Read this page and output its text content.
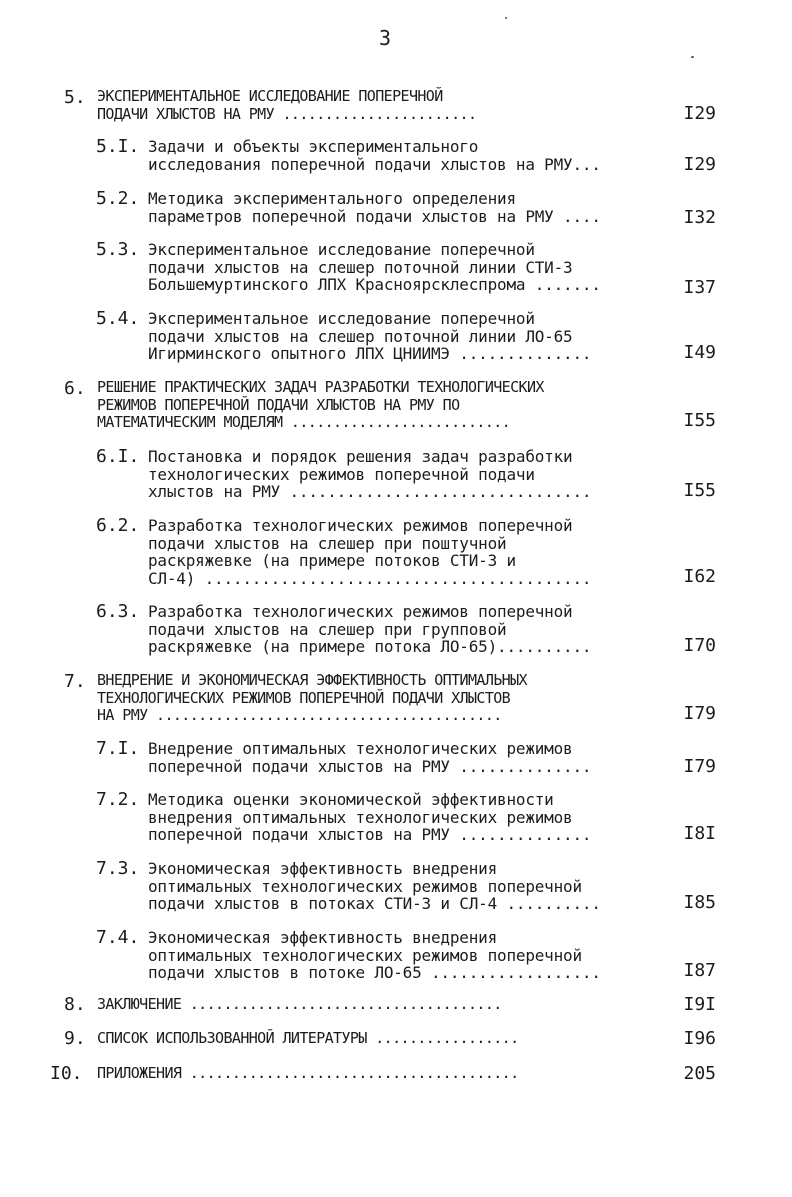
3
5. ЭКСПЕРИМЕНТАЛЬНОЕ ИССЛЕДОВАНИЕ ПОПЕРЕЧНОЙ
ПОДАЧИ ХЛЫСТОВ НА РМУ .......................	I29
5.I. Задачи и объекты экспериментального
исследования поперечной подачи хлыстов на РМУ...	I29
5.2. Методика экспериментального определения
параметров поперечной подачи хлыстов на РМУ ....	I32
5.3. Экспериментальное исследование поперечной
подачи хлыстов на слешер поточной линии СТИ-3
Большемуртинского ЛПХ Красноярсклеспрома .......	I37
5.4. Экспериментальное исследование поперечной
подачи хлыстов на слешер поточной линии ЛО-65
Игирминского опытного ЛПХ ЦНИИМЭ ..............	I49
6. РЕШЕНИЕ ПРАКТИЧЕСКИХ ЗАДАЧ РАЗРАБОТКИ ТЕХНОЛОГИЧЕСКИХ
РЕЖИМОВ ПОПЕРЕЧНОЙ ПОДАЧИ ХЛЫСТОВ НА РМУ ПО
МАТЕМАТИЧЕСКИМ МОДЕЛЯМ ..........................	I55
6.I. Постановка и порядок решения задач разработки
технологических режимов поперечной подачи
хлыстов на РМУ ................................	I55
6.2. Разработка технологических режимов поперечной
подачи хлыстов на слешер при поштучной
раскряжевке (на примере потоков СТИ-3 и
СЛ-4) .........................................	I62
6.3. Разработка технологических режимов поперечной
подачи хлыстов на слешер при групповой
раскряжевке (на примере потока ЛО-65)..........	I70
7. ВНЕДРЕНИЕ И ЭКОНОМИЧЕСКАЯ ЭФФЕКТИВНОСТЬ ОПТИМАЛЬНЫХ
ТЕХНОЛОГИЧЕСКИХ РЕЖИМОВ ПОПЕРЕЧНОЙ ПОДАЧИ ХЛЫСТОВ
НА РМУ .........................................	I79
7.I. Внедрение оптимальных технологических режимов
поперечной подачи хлыстов на РМУ ..............	I79
7.2. Методика оценки экономической эффективности
внедрения оптимальных технологических режимов
поперечной подачи хлыстов на РМУ ..............	I8I
7.3. Экономическая эффективность внедрения
оптимальных технологических режимов поперечной
подачи хлыстов в потоках СТИ-3 и СЛ-4 ..........	I85
7.4. Экономическая эффективность внедрения
оптимальных технологических режимов поперечной
подачи хлыстов в потоке ЛО-65 ..................	I87
8. ЗАКЛЮЧЕНИЕ .....................................	I9I
9. СПИСОК ИСПОЛЬЗОВАННОЙ ЛИТЕРАТУРЫ .................	I96
I0. ПРИЛОЖЕНИЯ .......................................	205
